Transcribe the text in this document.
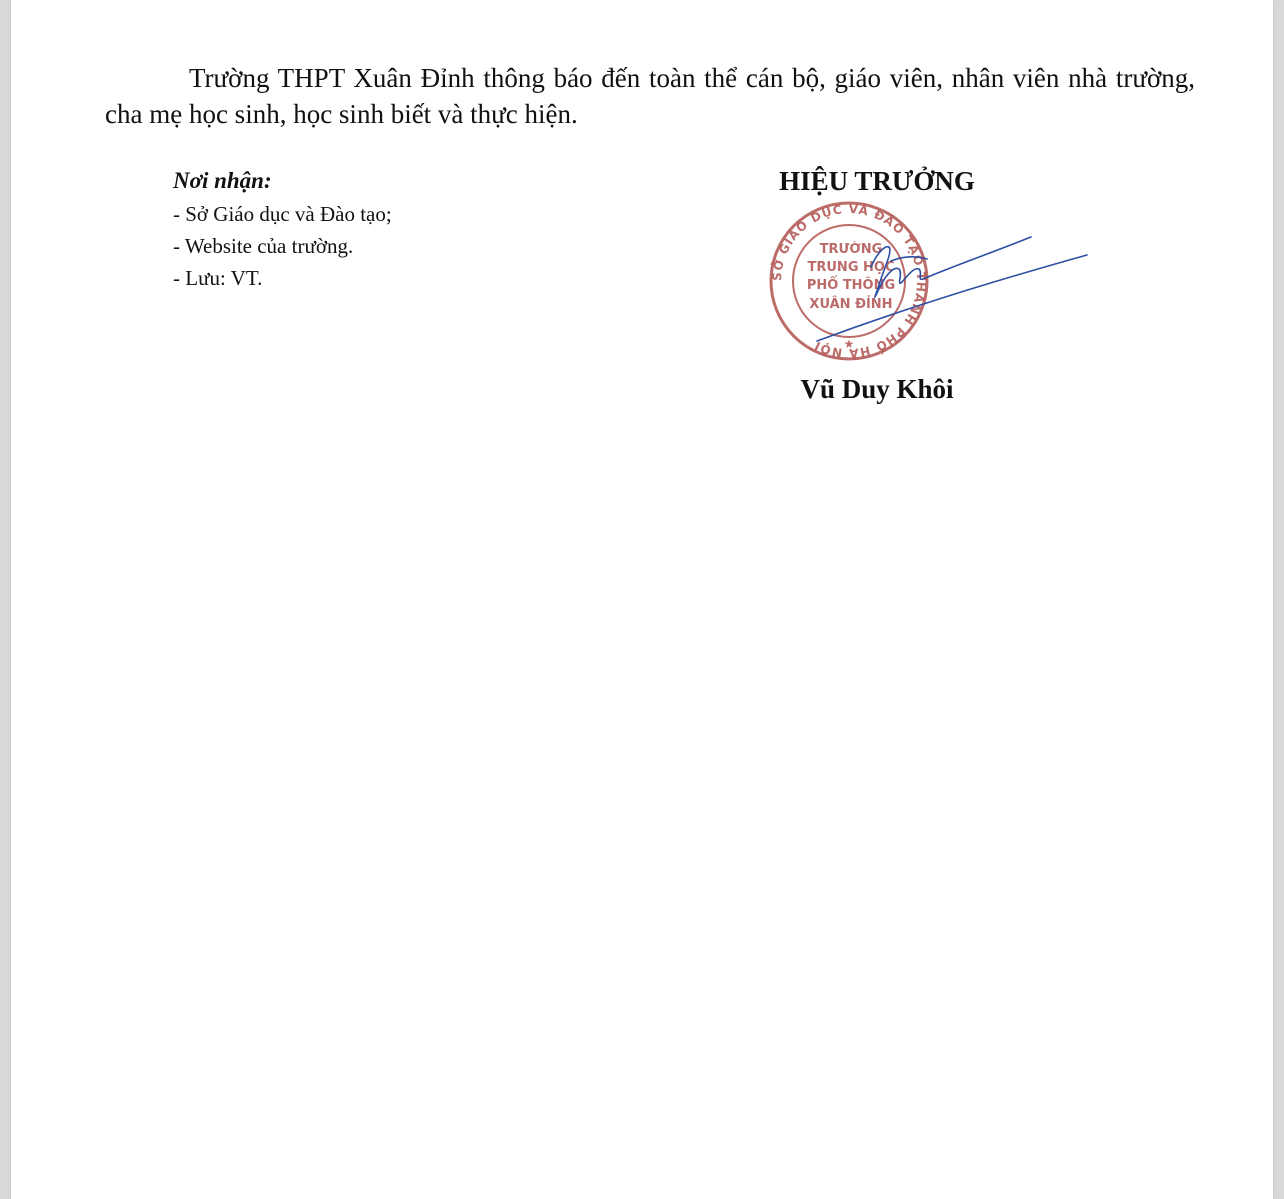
Trường THPT Xuân Đỉnh thông báo đến toàn thể cán bộ, giáo viên, nhân viên nhà trường, cha mẹ học sinh, học sinh biết và thực hiện.

Nơi nhận:
- Sở Giáo dục và Đào tạo;
- Website của trường.
- Lưu: VT.
HIỆU TRƯỞNG
SỞ GIÁO DỤC VÀ ĐÀO TẠO THÀNH PHỐ HÀ NỘI
TRƯỜNG
TRUNG HỌC
PHỔ THÔNG
XUÂN ĐỈNH
★
Vũ Duy Khôi
